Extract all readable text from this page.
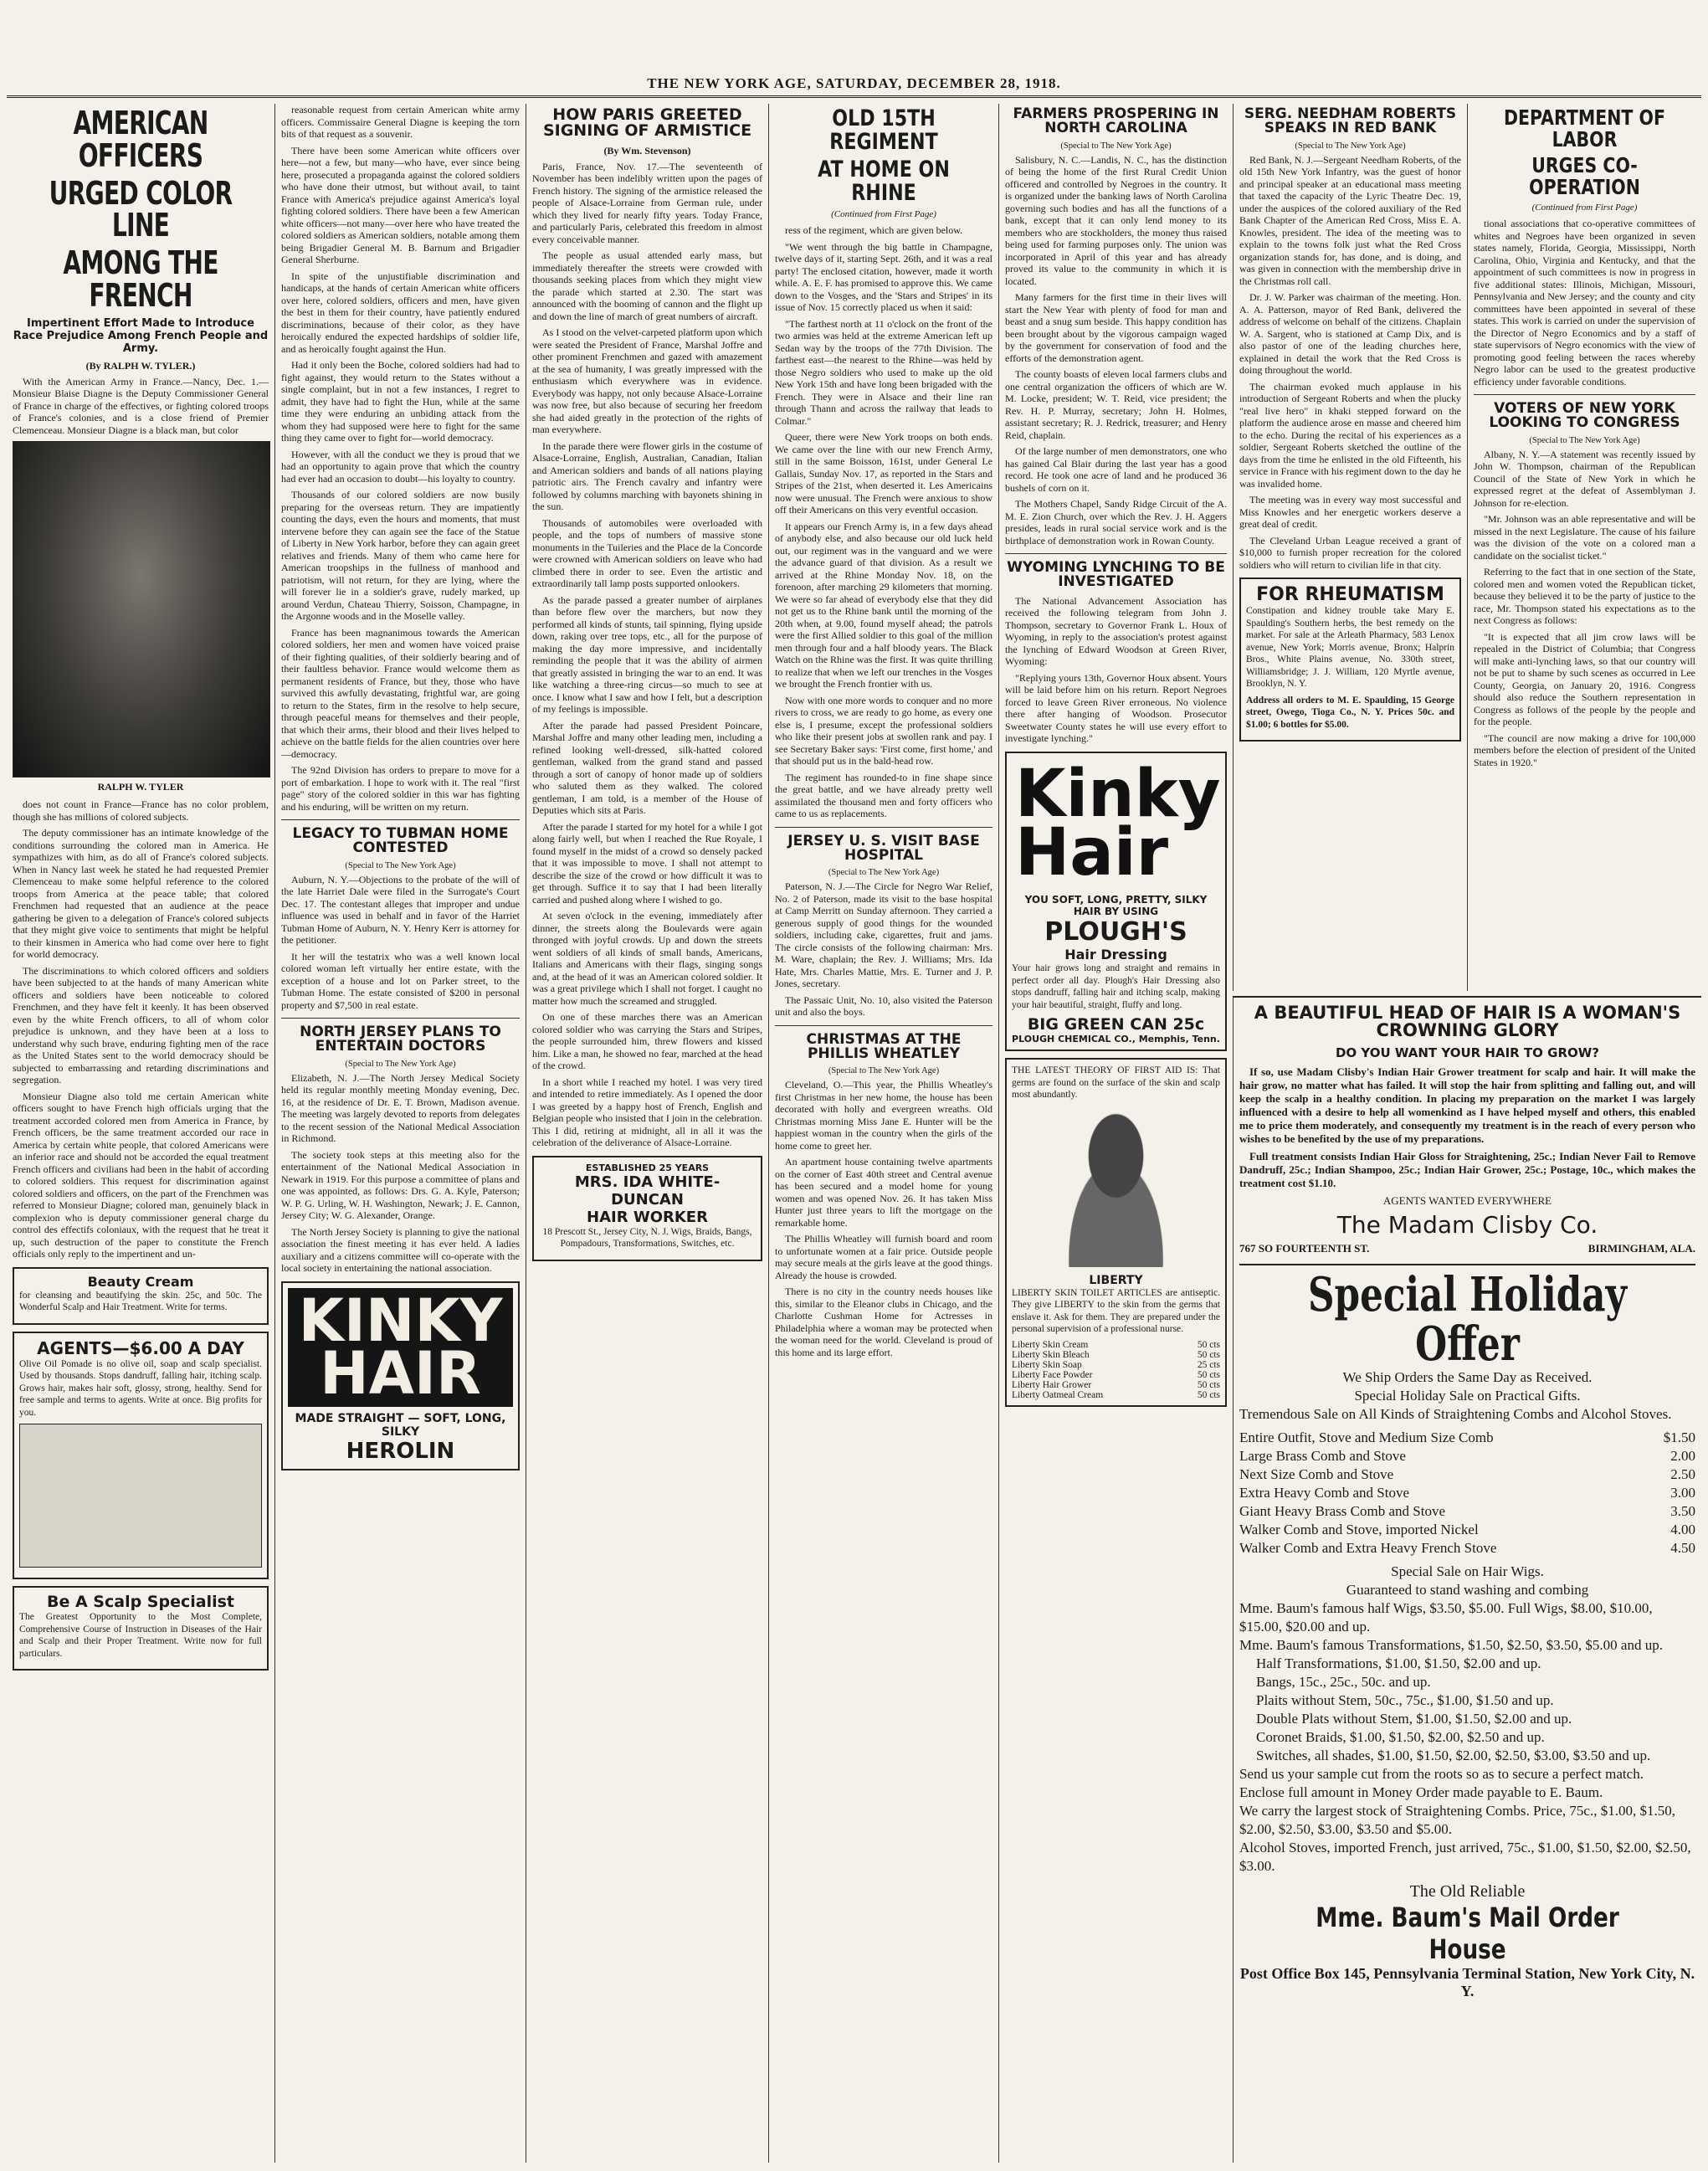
THE NEW YORK AGE, SATURDAY, DECEMBER 28, 1918.
AMERICAN OFFICERS
URGED COLOR LINE
AMONG THE FRENCH
Impertinent Effort Made to Introduce Race Prejudice Among French People and Army.
(By RALPH W. TYLER.)

With the American Army in France.—Nancy, Dec. 1.—Monsieur Blaise Diagne is the Deputy Commissioner General of France in charge of the effectives, or fighting colored troops of France's colonies, and is a close friend of Premier Clemenceau. Monsieur Diagne is a black man, but color

RALPH W. TYLER

does not count in France—France has no color problem, though she has millions of colored subjects.

The deputy commissioner has an intimate knowledge of the conditions surrounding the colored man in America. He sympathizes with him, as do all of France's colored subjects. When in Nancy last week he stated he had requested Premier Clemenceau to make some helpful reference to the colored troops from America at the peace table; that colored Frenchmen had requested that an audience at the peace gathering be given to a delegation of France's colored subjects that they might give voice to sentiments that might be helpful to their kinsmen in America who had come over here to fight for world democracy.

The discriminations to which colored officers and soldiers have been subjected to at the hands of many American white officers and soldiers have been noticeable to colored Frenchmen, and they have felt it keenly. It has been observed even by the white French officers, to all of whom color prejudice is unknown, and they have been at a loss to understand why such brave, enduring fighting men of the race as the United States sent to the world democracy should be subjected to embarrassing and retarding discriminations and segregation.

Monsieur Diagne also told me certain American white officers sought to have French high officials urging that the treatment accorded colored men from America in France, by French officers, be the same treatment accorded our race in America by certain white people, that colored Americans were an inferior race and should not be accorded the equal treatment French officers and civilians had been in the habit of according to colored soldiers. This request for discrimination against colored soldiers and officers, on the part of the Frenchmen was referred to Monsieur Diagne; colored man, genuinely black in complexion who is deputy commissioner general charge du control des effectifs coloniaux, with the request that he treat it up, such destruction of the paper to constitute the French officials only reply to the impertinent and un-

Beauty Cream

for cleansing and beautifying the skin. 25c, and 50c. The Wonderful Scalp and Hair Treatment. Write for terms.

AGENTS—$6.00 A DAY

Olive Oil Pomade is no olive oil, soap and scalp specialist. Used by thousands. Stops dandruff, falling hair, itching scalp. Grows hair, makes hair soft, glossy, strong, healthy. Send for free sample and terms to agents. Write at once. Big profits for you.

Be A Scalp Specialist

The Greatest Opportunity to the Most Complete, Comprehensive Course of Instruction in Diseases of the Hair and Scalp and their Proper Treatment. Write now for full particulars.

reasonable request from certain American white army officers. Commissaire General Diagne is keeping the torn bits of that request as a souvenir.

There have been some American white officers over here—not a few, but many—who have, ever since being here, prosecuted a propaganda against the colored soldiers who have done their utmost, but without avail, to taint France with America's prejudice against America's loyal fighting colored soldiers. There have been a few American white officers—not many—over here who have treated the colored soldiers as American soldiers, notable among them being Brigadier General M. B. Barnum and Brigadier General Sherburne.

In spite of the unjustifiable discrimination and handicaps, at the hands of certain American white officers over here, colored soldiers, officers and men, have given the best in them for their country, have patiently endured discriminations, because of their color, as they have heroically endured the expected hardships of soldier life, and as heroically fought against the Hun.

Had it only been the Boche, colored soldiers had had to fight against, they would return to the States without a single complaint, but in not a few instances, I regret to admit, they have had to fight the Hun, while at the same time they were enduring an unbiding attack from the whom they had supposed were here to fight for the same thing they came over to fight for—world democracy.

However, with all the conduct we they is proud that we had an opportunity to again prove that which the country had ever had an occasion to doubt—his loyalty to country.

Thousands of our colored soldiers are now busily preparing for the overseas return. They are impatiently counting the days, even the hours and moments, that must intervene before they can again see the face of the Statue of Liberty in New York harbor, before they can again greet relatives and friends. Many of them who came here for American troopships in the fullness of manhood and patriotism, will not return, for they are lying, where the will forever lie in a soldier's grave, rudely marked, up around Verdun, Chateau Thierry, Soisson, Champagne, in the Argonne woods and in the Moselle valley.

France has been magnanimous towards the American colored soldiers, her men and women have voiced praise of their fighting qualities, of their soldierly bearing and of their faultless behavior. France would welcome them as permanent residents of France, but they, those who have survived this awfully devastating, frightful war, are going to return to the States, firm in the resolve to help secure, through peaceful means for themselves and their people, that which their arms, their blood and their lives helped to achieve on the battle fields for the alien countries over here—democracy.

The 92nd Division has orders to prepare to move for a port of embarkation. I hope to work with it. The real "first page" story of the colored soldier in this war has fighting and his enduring, will be written on my return.

LEGACY TO TUBMAN HOME CONTESTED
(Special to The New York Age)

Auburn, N. Y.—Objections to the probate of the will of the late Harriet Dale were filed in the Surrogate's Court Dec. 17. The contestant alleges that improper and undue influence was used in behalf and in favor of the Harriet Tubman Home of Auburn, N. Y. Henry Kerr is attorney for the petitioner.

It her will the testatrix who was a well known local colored woman left virtually her entire estate, with the exception of a house and lot on Parker street, to the Tubman Home. The estate consisted of $200 in personal property and $7,500 in real estate.

NORTH JERSEY PLANS TO ENTERTAIN DOCTORS
(Special to The New York Age)

Elizabeth, N. J.—The North Jersey Medical Society held its regular monthly meeting Monday evening, Dec. 16, at the residence of Dr. E. T. Brown, Madison avenue. The meeting was largely devoted to reports from delegates to the recent session of the National Medical Association in Richmond.

The society took steps at this meeting also for the entertainment of the National Medical Association in Newark in 1919. For this purpose a committee of plans and one was appointed, as follows: Drs. G. A. Kyle, Paterson; W. P. G. Urling, W. H. Washington, Newark; J. E. Cannon, Jersey City; W. G. Alexander, Orange.

The North Jersey Society is planning to give the national association the finest meeting it has ever held. A ladies auxiliary and a citizens committee will co-operate with the local society in entertaining the national association.

KINKY
HAIR
MADE STRAIGHT — SOFT, LONG, SILKY
HEROLIN
HOW PARIS GREETED SIGNING OF ARMISTICE
(By Wm. Stevenson)

Paris, France, Nov. 17.—The seventeenth of November has been indelibly written upon the pages of French history. The signing of the armistice released the people of Alsace-Lorraine from German rule, under which they lived for nearly fifty years. Today France, and particularly Paris, celebrated this freedom in almost every conceivable manner.

The people as usual attended early mass, but immediately thereafter the streets were crowded with thousands seeking places from which they might view the parade which started at 2.30. The start was announced with the booming of cannon and the flight up and down the line of march of great numbers of aircraft.

As I stood on the velvet-carpeted platform upon which were seated the President of France, Marshal Joffre and other prominent Frenchmen and gazed with amazement at the sea of humanity, I was greatly impressed with the enthusiasm which everywhere was in evidence. Everybody was happy, not only because Alsace-Lorraine was now free, but also because of securing her freedom she had aided greatly in the protection of the rights of man everywhere.

In the parade there were flower girls in the costume of Alsace-Lorraine, English, Australian, Canadian, Italian and American soldiers and bands of all nations playing patriotic airs. The French cavalry and infantry were followed by columns marching with bayonets shining in the sun.

Thousands of automobiles were overloaded with people, and the tops of numbers of massive stone monuments in the Tuileries and the Place de la Concorde were crowned with American soldiers on leave who had climbed there in order to see. Even the artistic and extraordinarily tall lamp posts supported onlookers.

As the parade passed a greater number of airplanes than before flew over the marchers, but now they performed all kinds of stunts, tail spinning, flying upside down, raking over tree tops, etc., all for the purpose of making the day more impressive, and incidentally reminding the people that it was the ability of airmen that greatly assisted in bringing the war to an end. It was like watching a three-ring circus—so much to see at once. I know what I saw and how I felt, but a description of my feelings is impossible.

After the parade had passed President Poincare, Marshal Joffre and many other leading men, including a refined looking well-dressed, silk-hatted colored gentleman, walked from the grand stand and passed through a sort of canopy of honor made up of soldiers who saluted them as they walked. The colored gentleman, I am told, is a member of the House of Deputies which sits at Paris.

After the parade I started for my hotel for a while I got along fairly well, but when I reached the Rue Royale, I found myself in the midst of a crowd so densely packed that it was impossible to move. I shall not attempt to describe the size of the crowd or how difficult it was to get through. Suffice it to say that I had been literally carried and pushed along where I wished to go.

At seven o'clock in the evening, immediately after dinner, the streets along the Boulevards were again thronged with joyful crowds. Up and down the streets went soldiers of all kinds of small bands, Americans, Italians and Americans with their flags, singing songs and, at the head of it was an American colored soldier. It was a great privilege which I shall not forget. I caught no matter how much the screamed and struggled.

On one of these marches there was an American colored soldier who was carrying the Stars and Stripes, the people surrounded him, threw flowers and kissed him. Like a man, he showed no fear, marched at the head of the crowd.

In a short while I reached my hotel. I was very tired and intended to retire immediately. As I opened the door I was greeted by a happy host of French, English and Belgian people who insisted that I join in the celebration. This I did, retiring at midnight, all in all it was the celebration of the deliverance of Alsace-Lorraine.

ESTABLISHED 25 YEARS
MRS. IDA WHITE-DUNCAN
HAIR WORKER

18 Prescott St., Jersey City, N. J. Wigs, Braids, Bangs, Pompadours, Transformations, Switches, etc.

OLD 15TH REGIMENT
AT HOME ON RHINE
(Continued from First Page)

ress of the regiment, which are given below.

"We went through the big battle in Champagne, twelve days of it, starting Sept. 26th, and it was a real party! The enclosed citation, however, made it worth while. A. E. F. has promised to approve this. We came down to the Vosges, and the 'Stars and Stripes' in its issue of Nov. 15 correctly placed us when it said:

"The farthest north at 11 o'clock on the front of the two armies was held at the extreme American left up Sedan way by the troops of the 77th Division. The farthest east—the nearest to the Rhine—was held by those Negro soldiers who used to make up the old New York 15th and have long been brigaded with the French. They were in Alsace and their line ran through Thann and across the railway that leads to Colmar."

Queer, there were New York troops on both ends. We came over the line with our new French Army, still in the same Boisson, 161st, under General Le Gallais, Sunday Nov. 17, as reported in the Stars and Stripes of the 21st, when deserted it. Les Americains now were unusual. The French were anxious to show off their Americans on this very eventful occasion.

It appears our French Army is, in a few days ahead of anybody else, and also because our old luck held out, our regiment was in the vanguard and we were the advance guard of that division. As a result we arrived at the Rhine Monday Nov. 18, on the forenoon, after marching 29 kilometers that morning. We were so far ahead of everybody else that they did not get us to the Rhine bank until the morning of the 20th when, at 9.00, found myself ahead; the patrols were the first Allied soldier to this goal of the million men through four and a half bloody years. The Black Watch on the Rhine was the first. It was quite thrilling to realize that when we left our trenches in the Vosges we brought the French frontier with us.

Now with one more words to conquer and no more rivers to cross, we are ready to go home, as every one else is, I presume, except the professional soldiers who like their present jobs at swollen rank and pay. I see Secretary Baker says: 'First come, first home,' and that should put us in the bald-head row.

The regiment has rounded-to in fine shape since the great battle, and we have already pretty well assimilated the thousand men and forty officers who came to us as replacements.

JERSEY U. S. VISIT BASE HOSPITAL
(Special to The New York Age)

Paterson, N. J.—The Circle for Negro War Relief, No. 2 of Paterson, made its visit to the base hospital at Camp Merritt on Sunday afternoon. They carried a generous supply of good things for the wounded soldiers, including cake, cigarettes, fruit and jams. The circle consists of the following chairman: Mrs. M. Ware, chaplain; the Rev. J. Williams; Mrs. Ida Hate, Mrs. Charles Mattie, Mrs. E. Turner and J. P. Jones, secretary.

The Passaic Unit, No. 10, also visited the Paterson unit and also the boys.

CHRISTMAS AT THE PHILLIS WHEATLEY
(Special to The New York Age)

Cleveland, O.—This year, the Phillis Wheatley's first Christmas in her new home, the house has been decorated with holly and evergreen wreaths. Old Christmas morning Miss Jane E. Hunter will be the happiest woman in the country when the girls of the home come to greet her.

An apartment house containing twelve apartments on the corner of East 40th street and Central avenue has been secured and a model home for young women and was opened Nov. 26. It has taken Miss Hunter just three years to lift the mortgage on the remarkable home.

The Phillis Wheatley will furnish board and room to unfortunate women at a fair price. Outside people may secure meals at the girls leave at the good things. Already the house is crowded.

There is no city in the country needs houses like this, similar to the Eleanor clubs in Chicago, and the Charlotte Cushman Home for Actresses in Philadelphia where a woman may be protected when the woman need for the world. Cleveland is proud of this home and its large effort.

FARMERS PROSPERING IN NORTH CAROLINA
(Special to The New York Age)

Salisbury, N. C.—Landis, N. C., has the distinction of being the home of the first Rural Credit Union officered and controlled by Negroes in the country. It is organized under the banking laws of North Carolina governing such bodies and has all the functions of a bank, except that it can only lend money to its members who are stockholders, the money thus raised being used for farming purposes only. The union was incorporated in April of this year and has already proved its value to the community in which it is located.

Many farmers for the first time in their lives will start the New Year with plenty of food for man and beast and a snug sum beside. This happy condition has been brought about by the vigorous campaign waged by the government for conservation of food and the efforts of the demonstration agent.

The county boasts of eleven local farmers clubs and one central organization the officers of which are W. M. Locke, president; W. T. Reid, vice president; the Rev. H. P. Murray, secretary; John H. Holmes, assistant secretary; R. J. Redrick, treasurer; and Henry Reid, chaplain.

Of the large number of men demonstrators, one who has gained Cal Blair during the last year has a good record. He took one acre of land and he produced 36 bushels of corn on it.

The Mothers Chapel, Sandy Ridge Circuit of the A. M. E. Zion Church, over which the Rev. J. H. Aggers presides, leads in rural social service work and is the birthplace of demonstration work in Rowan County.

WYOMING LYNCHING TO BE INVESTIGATED

The National Advancement Association has received the following telegram from John J. Thompson, secretary to Governor Frank L. Houx of Wyoming, in reply to the association's protest against the lynching of Edward Woodson at Green River, Wyoming:

"Replying yours 13th, Governor Houx absent. Yours will be laid before him on his return. Report Negroes forced to leave Green River erroneous. No violence there after hanging of Woodson. Prosecutor Sweetwater County states he will use every effort to investigate lynching."

Kinky
Hair
YOU SOFT, LONG, PRETTY, SILKY HAIR BY USING
PLOUGH'S
Hair Dressing

Your hair grows long and straight and remains in perfect order all day. Plough's Hair Dressing also stops dandruff, falling hair and itching scalp, making your hair beautiful, straight, fluffy and long.

BIG GREEN CAN 25c
PLOUGH CHEMICAL CO., Memphis, Tenn.

THE LATEST THEORY OF FIRST AID IS: That germs are found on the surface of the skin and scalp most abundantly.

LIBERTY

LIBERTY SKIN TOILET ARTICLES are antiseptic. They give LIBERTY to the skin from the germs that enslave it. Ask for them. They are prepared under the personal supervision of a professional nurse.

Liberty Skin Cream	50 cts
Liberty Skin Bleach	50 cts
Liberty Skin Soap	25 cts
Liberty Face Powder	50 cts
Liberty Hair Grower	50 cts
Liberty Oatmeal Cream	50 cts
SERG. NEEDHAM ROBERTS SPEAKS IN RED BANK
(Special to The New York Age)

Red Bank, N. J.—Sergeant Needham Roberts, of the old 15th New York Infantry, was the guest of honor and principal speaker at an educational mass meeting that taxed the capacity of the Lyric Theatre Dec. 19, under the auspices of the colored auxiliary of the Red Bank Chapter of the American Red Cross, Miss E. A. Knowles, president. The idea of the meeting was to explain to the towns folk just what the Red Cross organization stands for, has done, and is doing, and was given in connection with the membership drive in the Christmas roll call.

Dr. J. W. Parker was chairman of the meeting. Hon. A. A. Patterson, mayor of Red Bank, delivered the address of welcome on behalf of the citizens. Chaplain W. A. Sargent, who is stationed at Camp Dix, and is also pastor of one of the leading churches here, explained in detail the work that the Red Cross is doing throughout the world.

The chairman evoked much applause in his introduction of Sergeant Roberts and when the plucky "real live hero" in khaki stepped forward on the platform the audience arose en masse and cheered him to the echo. During the recital of his experiences as a soldier, Sergeant Roberts sketched the outline of the days from the time he enlisted in the old Fifteenth, his service in France with his regiment down to the day he was invalided home.

The meeting was in every way most successful and Miss Knowles and her energetic workers deserve a great deal of credit.

The Cleveland Urban League received a grant of $10,000 to furnish proper recreation for the colored soldiers who will return to civilian life in that city.

FOR RHEUMATISM

Constipation and kidney trouble take Mary E. Spaulding's Southern herbs, the best remedy on the market. For sale at the Arleath Pharmacy, 583 Lenox avenue, New York; Morris avenue, Bronx; Halprin Bros., White Plains avenue, No. 330th street, Williamsbridge; J. J. William, 120 Myrtle avenue, Brooklyn, N. Y.

Address all orders to M. E. Spaulding, 15 George street, Owego, Tioga Co., N. Y. Prices 50c. and $1.00; 6 bottles for $5.00.

DEPARTMENT OF LABOR
URGES CO-OPERATION
(Continued from First Page)

tional associations that co-operative committees of whites and Negroes have been organized in seven states namely, Florida, Georgia, Mississippi, North Carolina, Ohio, Virginia and Kentucky, and that the appointment of such committees is now in progress in five additional states: Illinois, Michigan, Missouri, Pennsylvania and New Jersey; and the county and city committees have been appointed in several of these states. This work is carried on under the supervision of the Director of Negro Economics and by a staff of state supervisors of Negro economics with the view of promoting good feeling between the races whereby Negro labor can be used to the greatest productive efficiency under favorable conditions.

VOTERS OF NEW YORK LOOKING TO CONGRESS
(Special to The New York Age)

Albany, N. Y.—A statement was recently issued by John W. Thompson, chairman of the Republican Council of the State of New York in which he expressed regret at the defeat of Assemblyman J. Johnson for re-election.

"Mr. Johnson was an able representative and will be missed in the next Legislature. The cause of his failure was the division of the vote on a colored man a candidate on the socialist ticket."

Referring to the fact that in one section of the State, colored men and women voted the Republican ticket, because they believed it to be the party of justice to the race, Mr. Thompson stated his expectations as to the next Congress as follows:

"It is expected that all jim crow laws will be repealed in the District of Columbia; that Congress will make anti-lynching laws, so that our country will not be put to shame by such scenes as occurred in Lee County, Georgia, on January 20, 1916. Congress should also reduce the Southern representation in Congress as follows of the people by the people and for the people.

"The council are now making a drive for 100,000 members before the election of president of the United States in 1920."

A BEAUTIFUL HEAD OF HAIR IS A WOMAN'S CROWNING GLORY
DO YOU WANT YOUR HAIR TO GROW?

If so, use Madam Clisby's Indian Hair Grower treatment for scalp and hair. It will make the hair grow, no matter what has failed. It will stop the hair from splitting and falling out, and will keep the scalp in a healthy condition. In placing my preparation on the market I was largely influenced with a desire to help all womenkind as I have helped myself and others, this enabled me to price them moderately, and consequently my treatment is in the reach of every person who wishes to be benefited by the use of my preparations.

Full treatment consists Indian Hair Gloss for Straightening, 25c.; Indian Never Fail to Remove Dandruff, 25c.; Indian Shampoo, 25c.; Indian Hair Grower, 25c.; Postage, 10c., which makes the treatment cost $1.10.

AGENTS WANTED EVERYWHERE
The Madam Clisby Co.
767 SO FOURTEENTH ST.	BIRMINGHAM, ALA.
Special Holiday Offer
We Ship Orders the Same Day as Received.
Special Holiday Sale on Practical Gifts.
Tremendous Sale on All Kinds of Straightening Combs and Alcohol Stoves.
Entire Outfit, Stove and Medium Size Comb	$1.50
Large Brass Comb and Stove	2.00
Next Size Comb and Stove	2.50
Extra Heavy Comb and Stove	3.00
Giant Heavy Brass Comb and Stove	3.50
Walker Comb and Stove, imported Nickel	4.00
Walker Comb and Extra Heavy French Stove	4.50
Special Sale on Hair Wigs.
Guaranteed to stand washing and combing
Mme. Baum's famous half Wigs, $3.50, $5.00. Full Wigs, $8.00, $10.00, $15.00, $20.00 and up.
Mme. Baum's famous Transformations, $1.50, $2.50, $3.50, $5.00 and up.
Half Transformations, $1.00, $1.50, $2.00 and up.
Bangs, 15c., 25c., 50c. and up.
Plaits without Stem, 50c., 75c., $1.00, $1.50 and up.
Double Plats without Stem, $1.00, $1.50, $2.00 and up.
Coronet Braids, $1.00, $1.50, $2.00, $2.50 and up.
Switches, all shades, $1.00, $1.50, $2.00, $2.50, $3.00, $3.50 and up.
Send us your sample cut from the roots so as to secure a perfect match.
Enclose full amount in Money Order made payable to E. Baum.
We carry the largest stock of Straightening Combs. Price, 75c., $1.00, $1.50, $2.00, $2.50, $3.00, $3.50 and $5.00.
Alcohol Stoves, imported French, just arrived, 75c., $1.00, $1.50, $2.00, $2.50, $3.00.
The Old Reliable
Mme. Baum's Mail Order House
Post Office Box 145, Pennsylvania Terminal Station, New York City, N. Y.
